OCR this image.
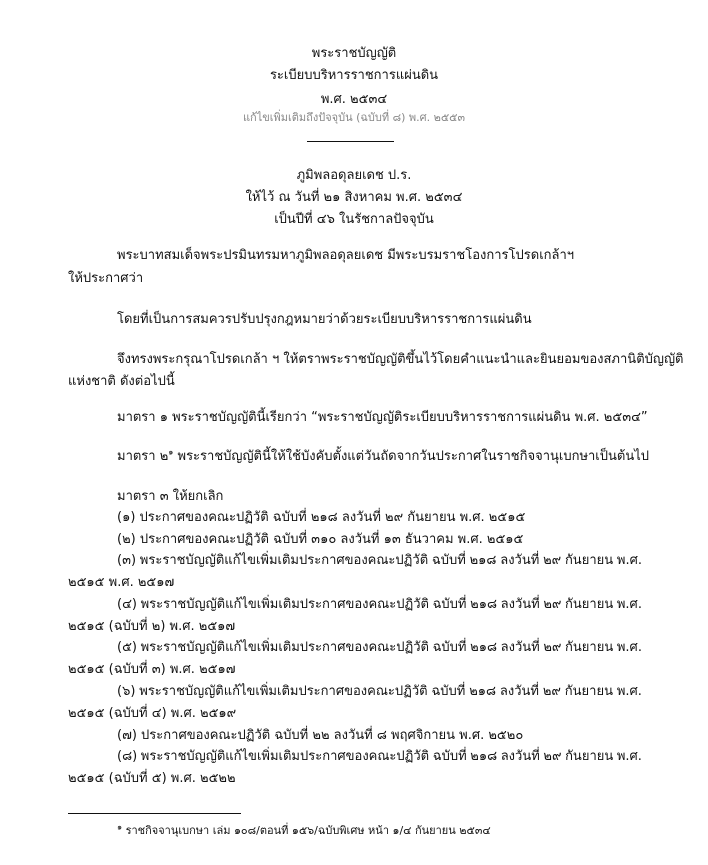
พระราชบัญญัติ
ระเบียบบริหารราชการแผ่นดิน
พ.ศ. ๒๕๓๔
แก้ไขเพิ่มเติมถึงปัจจุบัน (ฉบับที่ ๘) พ.ศ. ๒๕๕๓
ภูมิพลอดุลยเดช ป.ร.
ให้ไว้ ณ วันที่ ๒๑ สิงหาคม พ.ศ. ๒๕๓๔
เป็นปีที่ ๔๖ ในรัชกาลปัจจุบัน
พระบาทสมเด็จพระปรมินทรมหาภูมิพลอดุลยเดช มีพระบรมราชโองการโปรดเกล้าฯ
ให้ประกาศว่า
โดยที่เป็นการสมควรปรับปรุงกฎหมายว่าด้วยระเบียบบริหารราชการแผ่นดิน
จึงทรงพระกรุณาโปรดเกล้า ฯ ให้ตราพระราชบัญญัติขึ้นไว้โดยคำแนะนำและยินยอมของสภานิติบัญญัติ
แห่งชาติ ดังต่อไปนี้
มาตรา ๑ พระราชบัญญัตินี้เรียกว่า “พระราชบัญญัติระเบียบบริหารราชการแผ่นดิน พ.ศ. ๒๕๓๔”
มาตรา ๒$^๑$ พระราชบัญญัตินี้ให้ใช้บังคับตั้งแต่วันถัดจากวันประกาศในราชกิจจานุเบกษาเป็นต้นไป
มาตรา ๓ ให้ยกเลิก
(๑) ประกาศของคณะปฏิวัติ ฉบับที่ ๒๑๘ ลงวันที่ ๒๙ กันยายน พ.ศ. ๒๕๑๕
(๒) ประกาศของคณะปฏิวัติ ฉบับที่ ๓๑๐ ลงวันที่ ๑๓ ธันวาคม พ.ศ. ๒๕๑๕
(๓) พระราชบัญญัติแก้ไขเพิ่มเติมประกาศของคณะปฏิวัติ ฉบับที่ ๒๑๘ ลงวันที่ ๒๙ กันยายน พ.ศ.
๒๕๑๕ พ.ศ. ๒๕๑๗
(๔) พระราชบัญญัติแก้ไขเพิ่มเติมประกาศของคณะปฏิวัติ ฉบับที่ ๒๑๘ ลงวันที่ ๒๙ กันยายน พ.ศ.
๒๕๑๕ (ฉบับที่ ๒) พ.ศ. ๒๕๑๗
(๕) พระราชบัญญัติแก้ไขเพิ่มเติมประกาศของคณะปฏิวัติ ฉบับที่ ๒๑๘ ลงวันที่ ๒๙ กันยายน พ.ศ.
๒๕๑๕ (ฉบับที่ ๓) พ.ศ. ๒๕๑๗
(๖) พระราชบัญญัติแก้ไขเพิ่มเติมประกาศของคณะปฏิวัติ ฉบับที่ ๒๑๘ ลงวันที่ ๒๙ กันยายน พ.ศ.
๒๕๑๕ (ฉบับที่ ๔) พ.ศ. ๒๕๑๙
(๗) ประกาศของคณะปฏิวัติ ฉบับที่ ๒๒ ลงวันที่ ๘ พฤศจิกายน พ.ศ. ๒๕๒๐
(๘) พระราชบัญญัติแก้ไขเพิ่มเติมประกาศของคณะปฏิวัติ ฉบับที่ ๒๑๘ ลงวันที่ ๒๙ กันยายน พ.ศ.
๒๕๑๕ (ฉบับที่ ๕) พ.ศ. ๒๕๒๒
$^๑$ ราชกิจจานุเบกษา เล่ม ๑๐๘/ตอนที่ ๑๕๖/ฉบับพิเศษ หน้า ๑/๔ กันยายน ๒๕๓๔
